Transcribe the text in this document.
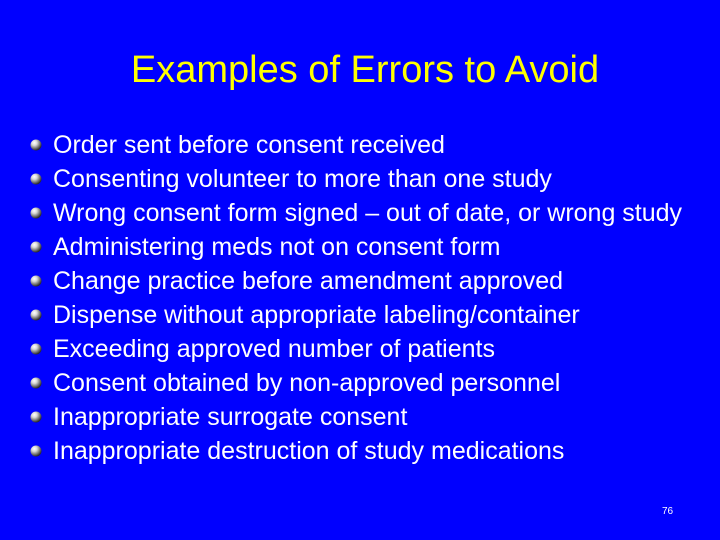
Examples of Errors to Avoid
Order sent before consent received
Consenting volunteer to more than one study
Wrong consent form signed – out of date, or wrong study
Administering meds not on consent form
Change practice before amendment approved
Dispense without appropriate labeling/container
Exceeding approved number of patients
Consent obtained by non-approved personnel
Inappropriate surrogate consent
Inappropriate destruction of study medications
76
